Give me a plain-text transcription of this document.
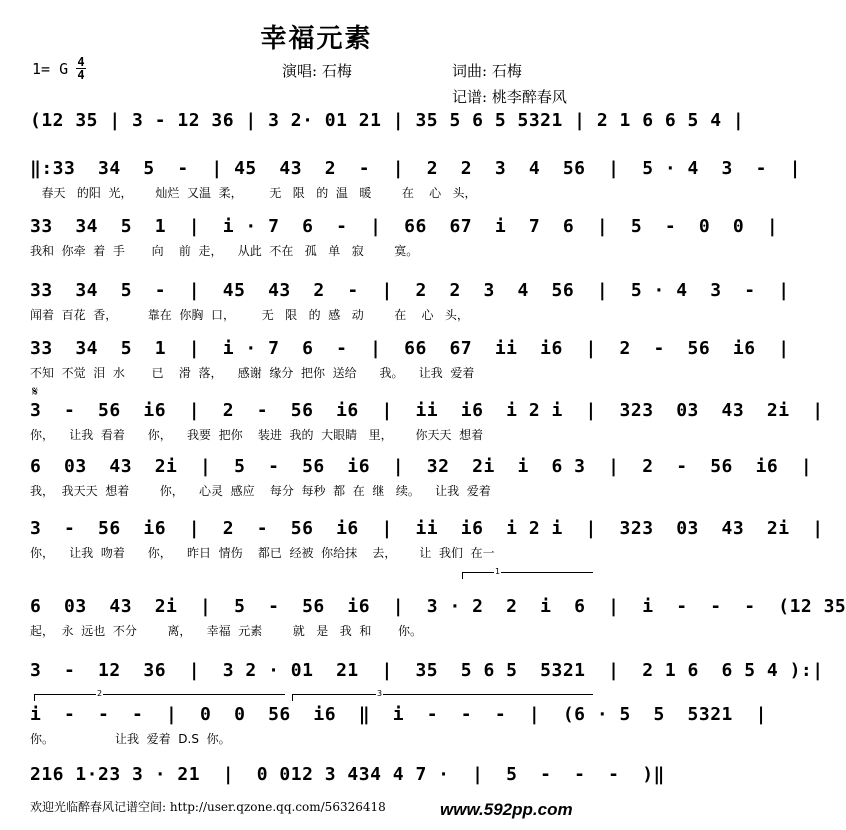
幸福元素
1= G 4
4	演唱: 石梅	词曲: 石梅
记谱: 桃李醉春风
(12 35 | 3 - 12 36 | 3 2· 01 21 | 35 5 6 5 5321 | 2 1 6 6 5 4 |
‖:33  34  5  -  | 45  43  2  -  |  2  2  3  4  56  |  5 · 4  3  -  |
春天   的阳  光，      灿烂  又温  柔，       无   限   的  温   暖        在    心   头，
33  34  5  1  |  i · 7  6  -  |  66  67  i  7  6  |  5  -  0  0  |
我和  你牵  着  手       向    前  走，    从此  不在   孤   单   寂        寞。
33  34  5  -  |  45  43  2  -  |  2  2  3  4  56  |  5 · 4  3  -  |
闻着  百花  香，        靠在  你胸  口，       无   限   的  感   动        在    心   头，
33  34  5  1  |  i · 7  6  -  |  66  67  ii  i6  |  2  -  56  i6  |
不知  不觉  泪  水       已    滑  落，    感谢  缘分  把你  送给      我。    让我  爱着
𝄋
3  -  56  i6  |  2  -  56  i6  |  ii  i6  i 2 i  |  323  03  43  2i  |
你，    让我  看着      你，    我要  把你    装进  我的  大眼睛   里，      你天天  想着
6  03  43  2i  |  5  -  56  i6  |  32  2i  i  6 3  |  2  -  56  i6  |
我，  我天天  想着        你，    心灵  感应    每分  每秒  都  在  继   续。    让我  爱着
3  -  56  i6  |  2  -  56  i6  |  ii  i6  i 2 i  |  323  03  43  2i  |
你，    让我  吻着      你，    昨日  情伤    都已  经被  你给抹    去，      让  我们  在一
1
6  03  43  2i  |  5  -  56  i6  |  3 · 2  2  i  6  |  i  -  -  -  (12 35
起，  永  远也  不分        离，    幸福  元素        就   是   我  和       你。
3  -  12  36  |  3 2 · 01  21  |  35  5 6 5  5321  |  2 1 6  6 5 4 ):|
2	3
i  -  -  -  |  0  0  56  i6  ‖  i  -  -  -  |  (6 · 5  5  5321  |
你。                让我  爱着  D.S  你。
216 1·23 3 · 21  |  0 012 3 434 4 7 ·  |  5  -  -  -  )‖
欢迎光临醉春风记谱空间: http://user.qzone.qq.com/56326418	www.592pp.com
